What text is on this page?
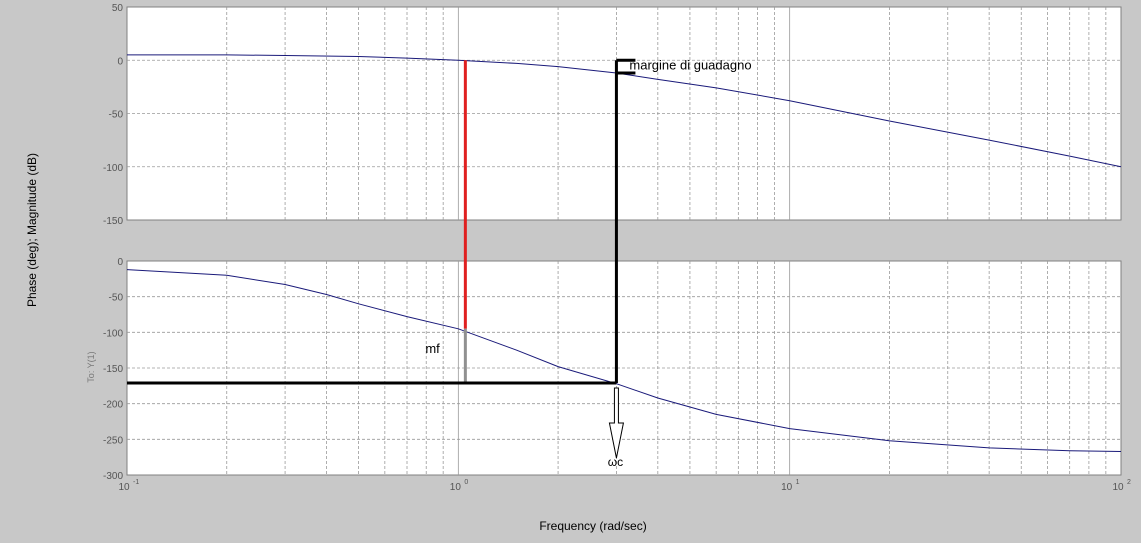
50
0
-50
-100
-150
0
-50
-100
-150
-200
-250
-300
10 -1	10 0	10 1	10 2
margine di guadagno
mf
ωc
Phase (deg); Magnitude (dB)
To: Y(1)
Frequency (rad/sec)
